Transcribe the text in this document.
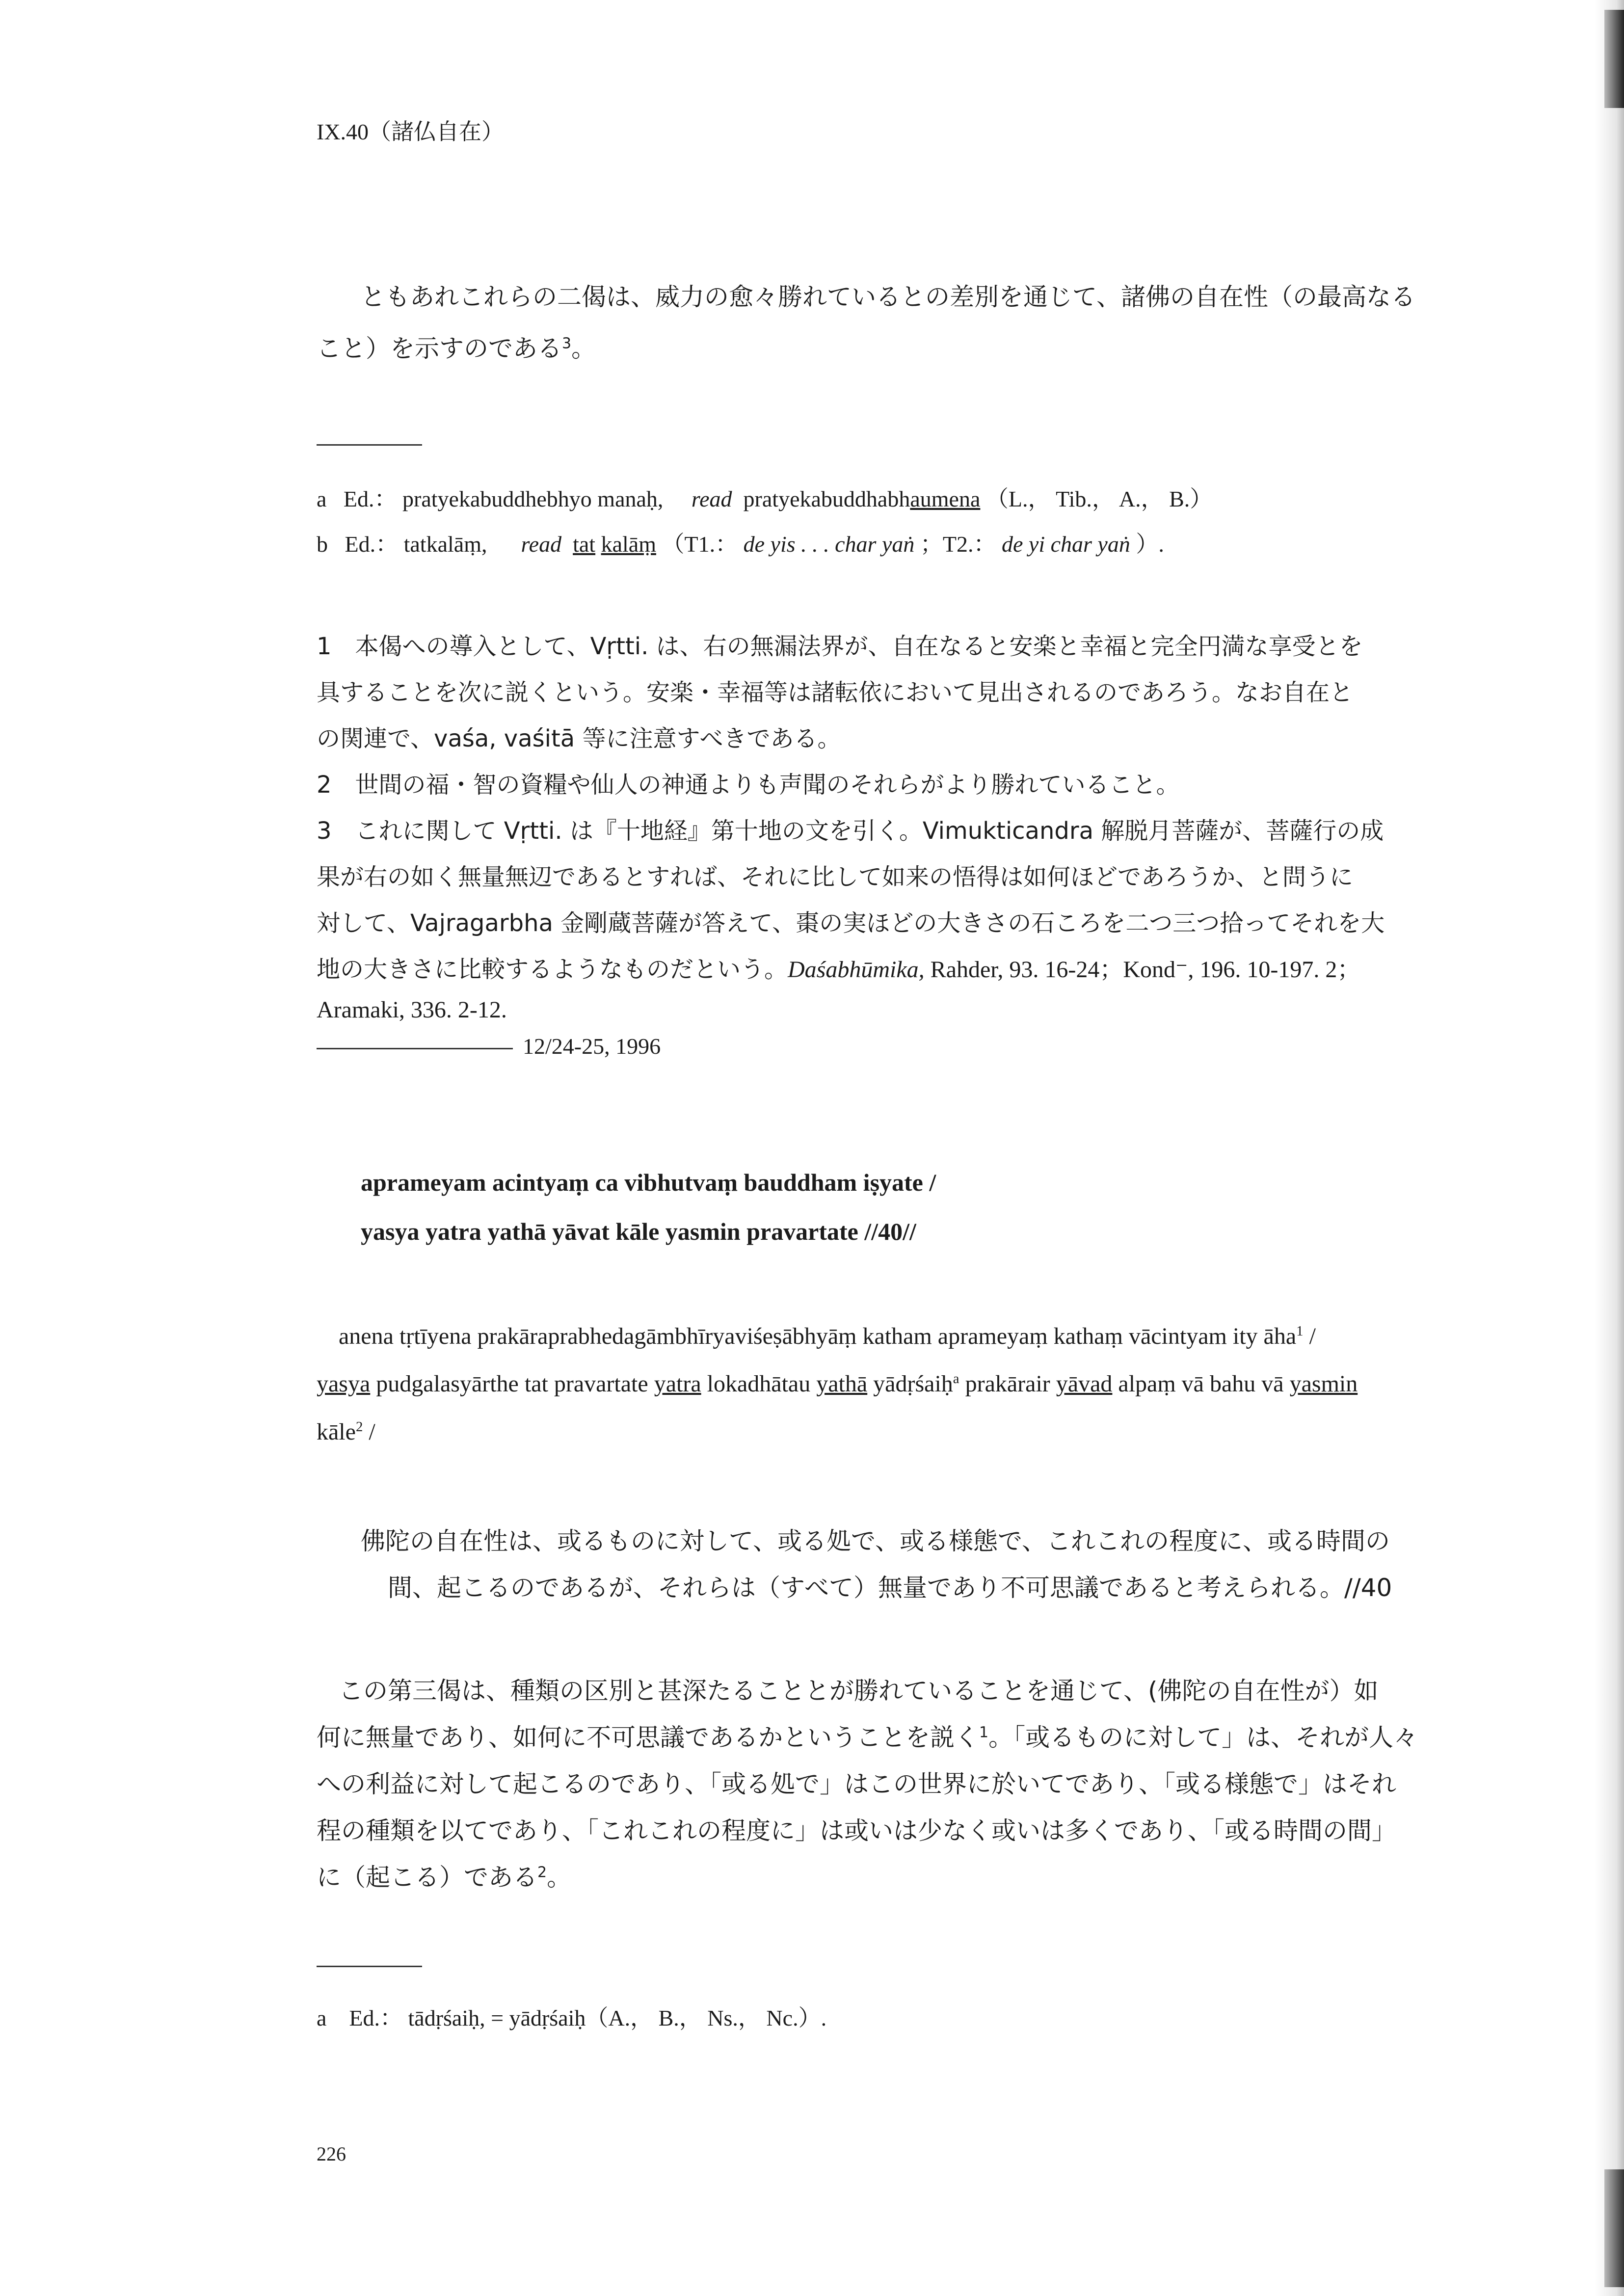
IX.40（諸仏自在）
ともあれこれらの二偈は、威力の愈々勝れているとの差別を通じて、諸佛の自在性（の最高なる
こと）を示すのである$^3$。
a Ed.： pratyekabuddhebhyo manaḥ, read pratyekabuddhabhaumena （L.， Tib.， A.， B.）
b Ed.： tatkalāṃ, read tat kalāṃ （T1.： de yis . . . char yaṅ ；T2.： de yi char yaṅ ）.
1　本偈への導入として、Vṛtti. は、右の無漏法界が、自在なると安楽と幸福と完全円満な享受とを
具することを次に説くという。安楽・幸福等は諸転依において見出されるのであろう。なお自在と
の関連で、vaśa, vaśitā 等に注意すべきである。
2　世間の福・智の資糧や仙人の神通よりも声聞のそれらがより勝れていること。
3　これに関して Vṛtti. は『十地経』第十地の文を引く。Vimukticandra 解脱月菩薩が、菩薩行の成
果が右の如く無量無辺であるとすれば、それに比して如来の悟得は如何ほどであろうか、と問うに
対して、Vajragarbha 金剛蔵菩薩が答えて、棗の実ほどの大きさの石ころを二つ三つ拾ってそれを大
地の大きさに比較するようなものだという。Daśabhūmika, Rahder, 93. 16-24；Kond⁻, 196. 10-197. 2；
Aramaki, 336. 2-12.
12/24-25, 1996
aprameyam acintyaṃ ca vibhutvaṃ bauddham iṣyate /
yasya yatra yathā yāvat kāle yasmin pravartate //40//
anena tṛtīyena prakāraprabhedagāmbhīryaviśeṣābhyāṃ katham aprameyaṃ kathaṃ vācintyam ity āha$^1$ /
yasya pudgalasyārthe tat pravartate yatra lokadhātau yathā yādṛśaiḥ$^a$ prakārair yāvad alpaṃ vā bahu vā yasmin
kāle$^2$ /
佛陀の自在性は、或るものに対して、或る処で、或る様態で、これこれの程度に、或る時間の
間、起こるのであるが、それらは（すべて）無量であり不可思議であると考えられる。//40
この第三偈は、種類の区別と甚深たることとが勝れていることを通じて、(佛陀の自在性が）如
何に無量であり、如何に不可思議であるかということを説く$^1$。「或るものに対して」は、それが人々
への利益に対して起こるのであり、「或る処で」はこの世界に於いてであり、「或る様態で」はそれ
程の種類を以てであり、「これこれの程度に」は或いは少なく或いは多くであり、「或る時間の間」
に（起こる）である$^2$。
a　Ed.： tādṛśaiḥ, = yādṛśaiḥ（A.， B.， Ns.， Nc.）.
226
